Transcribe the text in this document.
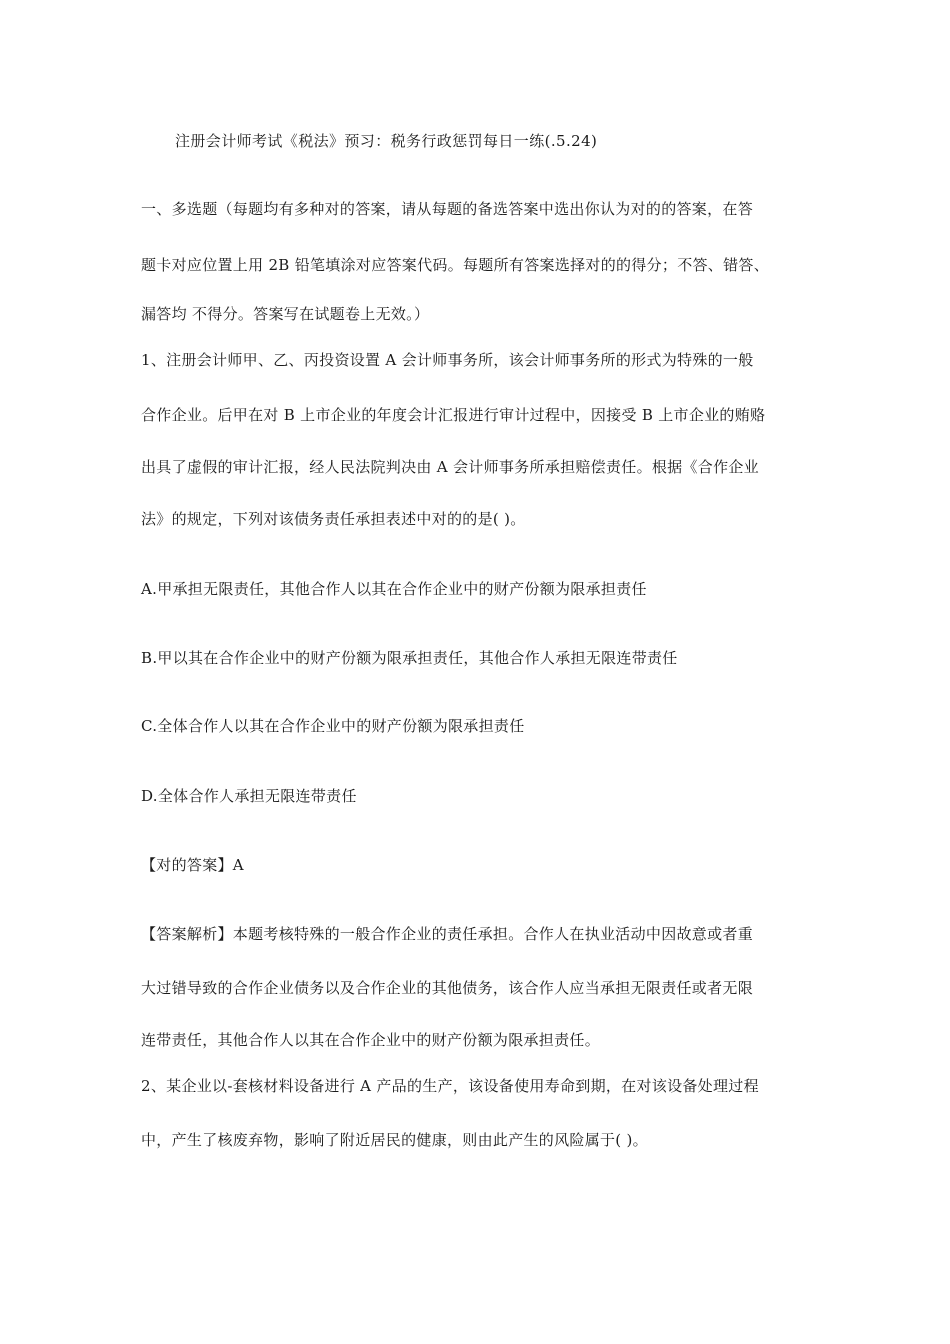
注册会计师考试《税法》预习：税务行政惩罚每日一练(.5.24)
一、多选题（每题均有多种对的答案，请从每题的备选答案中选出你认为对的的答案，在答
题卡对应位置上用 2B 铅笔填涂对应答案代码。每题所有答案选择对的的得分；不答、错答、
漏答均 不得分。答案写在试题卷上无效。）
1、注册会计师甲、乙、丙投资设置 A 会计师事务所，该会计师事务所的形式为特殊的一般
合作企业。后甲在对 B 上市企业的年度会计汇报进行审计过程中，因接受 B 上市企业的贿赂
出具了虚假的审计汇报，经人民法院判决由 A 会计师事务所承担赔偿责任。根据《合作企业
法》的规定，下列对该债务责任承担表述中对的的是( )。
A.甲承担无限责任，其他合作人以其在合作企业中的财产份额为限承担责任
B.甲以其在合作企业中的财产份额为限承担责任，其他合作人承担无限连带责任
C.全体合作人以其在合作企业中的财产份额为限承担责任
D.全体合作人承担无限连带责任
【对的答案】A
【答案解析】本题考核特殊的一般合作企业的责任承担。合作人在执业活动中因故意或者重
大过错导致的合作企业债务以及合作企业的其他债务，该合作人应当承担无限责任或者无限
连带责任，其他合作人以其在合作企业中的财产份额为限承担责任。
2、某企业以-套核材料设备进行 A 产品的生产，该设备使用寿命到期，在对该设备处理过程
中，产生了核废弃物，影响了附近居民的健康，则由此产生的风险属于( )。
